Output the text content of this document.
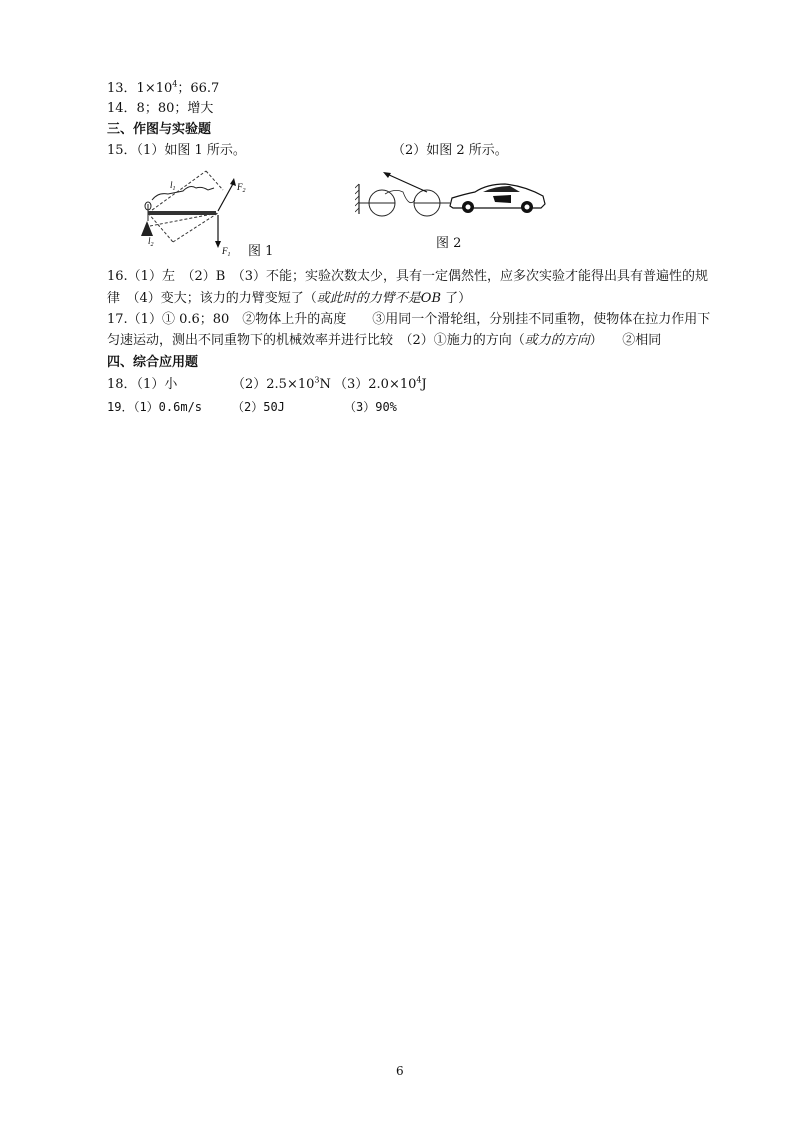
13．$1\times 10^4$；66.7
14．8；80；增大
三、作图与实验题
15．（1）如图 1 所示。	（2）如图 2 所示。
$l_1$
$l_2$
$F_2$
$F_1$ 图 1
图 2
16.（1）左　（2）B　（3）不能；实验次数太少，具有一定偶然性，应多次实验才能得出具有普遍性的规
律　（4）变大；该力的力臂变短了（或此时的力臂不是OB 了）
17.（1）① 0.6；80　②物体上升的高度　　③用同一个滑轮组，分别挂不同重物，使物体在拉力作用下
匀速运动，测出不同重物下的机械效率并进行比较　（2）①施力的方向（或力的方向）　　②相同
四、综合应用题
18．（1）小	$(2)2.5\times 10^3N$ $(3)2.0\times 10^4J$
19．（1）0.6m/s （2）50J	（3）90%
6
